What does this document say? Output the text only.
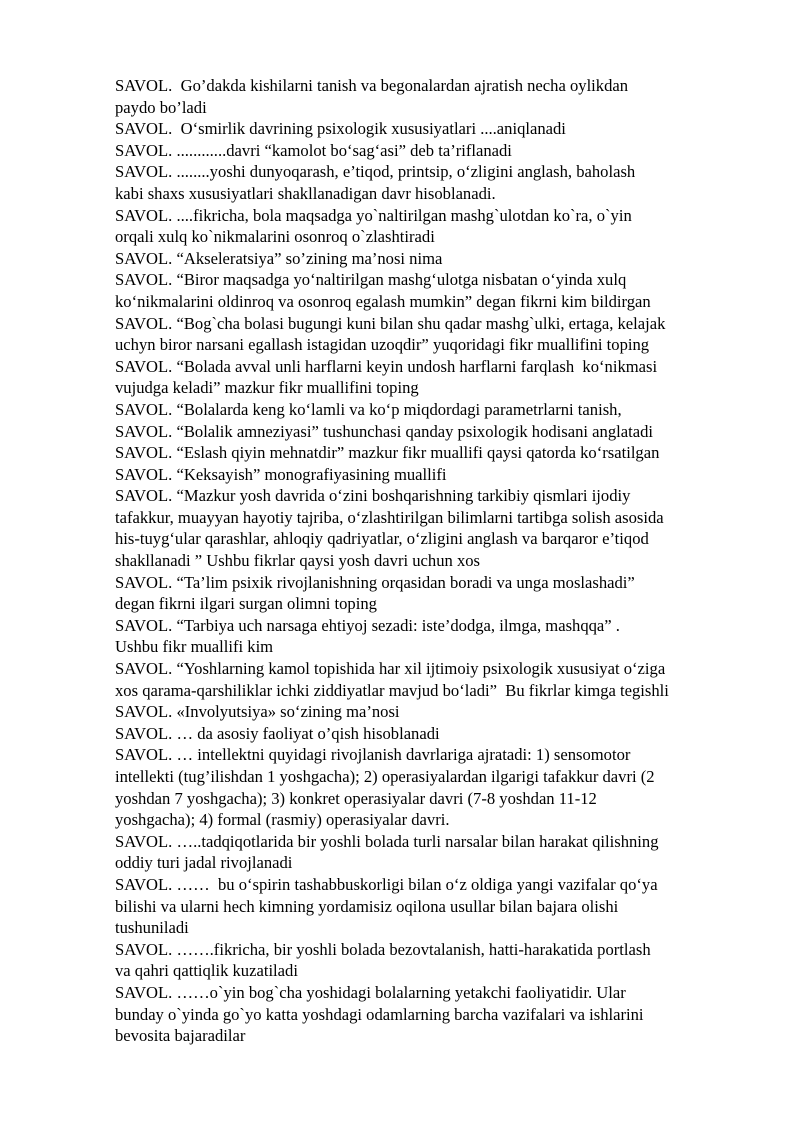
SAVOL.  Go’dakda kishilarni tanish va begonalardan ajratish necha oylikdan
paydo bo’ladi
SAVOL.  O‘smirlik davrining psixologik xususiyatlari ....aniqlanadi
SAVOL. ............davri “kamolot bo‘sag‘asi” deb ta’riflanadi
SAVOL. ........yoshi dunyoqarash, e’tiqod, printsip, o‘zligini anglash, baholash
kabi shaxs xususiyatlari shakllanadigan davr hisoblanadi.
SAVOL. ....fikricha, bola maqsadga yo`naltirilgan mashg`ulotdan ko`ra, o`yin
orqali xulq ko`nikmalarini osonroq o`zlashtiradi
SAVOL. “Akseleratsiya” so’zining ma’nosi nima
SAVOL. “Biror maqsadga yo‘naltirilgan mashg‘ulotga nisbatan o‘yinda xulq
ko‘nikmalarini oldinroq va osonroq egalash mumkin” degan fikrni kim bildirgan
SAVOL. “Bog`cha bolasi bugungi kuni bilan shu qadar mashg`ulki, ertaga, kelajak
uchyn biror narsani egallash istagidan uzoqdir” yuqoridagi fikr muallifini toping
SAVOL. “Bolada avval unli harflarni keyin undosh harflarni farqlash  ko‘nikmasi
vujudga keladi” mazkur fikr muallifini toping
SAVOL. “Bolalarda keng ko‘lamli va ko‘p miqdordagi parametrlarni tanish,
SAVOL. “Bolalik amneziyasi” tushunchasi qanday psixologik hodisani anglatadi
SAVOL. “Eslash qiyin mehnatdir” mazkur fikr muallifi qaysi qatorda ko‘rsatilgan
SAVOL. “Keksayish” monografiyasining muallifi
SAVOL. “Mazkur yosh davrida o‘zini boshqarishning tarkibiy qismlari ijodiy
tafakkur, muayyan hayotiy tajriba, o‘zlashtirilgan bilimlarni tartibga solish asosida
his-tuyg‘ular qarashlar, ahloqiy qadriyatlar, o‘zligini anglash va barqaror e’tiqod
shakllanadi ” Ushbu fikrlar qaysi yosh davri uchun xos
SAVOL. “Ta’lim psixik rivojlanishning orqasidan boradi va unga moslashadi”
degan fikrni ilgari surgan olimni toping
SAVOL. “Tarbiya uch narsaga ehtiyoj sezadi: iste’dodga, ilmga, mashqqa” .
Ushbu fikr muallifi kim
SAVOL. “Yoshlarning kamol topishida har xil ijtimoiy psixologik xususiyat o‘ziga
xos qarama-qarshiliklar ichki ziddiyatlar mavjud bo‘ladi”  Bu fikrlar kimga tegishli
SAVOL. «Involyutsiya» so‘zining ma’nosi
SAVOL. … da asosiy faoliyat o’qish hisoblanadi
SAVOL. … intellektni quyidagi rivojlanish davrlariga ajratadi: 1) sensomotor
intellekti (tug’ilishdan 1 yoshgacha); 2) operasiyalardan ilgarigi tafakkur davri (2
yoshdan 7 yoshgacha); 3) konkret operasiyalar davri (7-8 yoshdan 11-12
yoshgacha); 4) formal (rasmiy) operasiyalar davri.
SAVOL. …..tadqiqotlarida bir yoshli bolada turli narsalar bilan harakat qilishning
oddiy turi jadal rivojlanadi
SAVOL. ……  bu o‘spirin tashabbuskorligi bilan o‘z oldiga yangi vazifalar qo‘ya
bilishi va ularni hech kimning yordamisiz oqilona usullar bilan bajara olishi
tushuniladi
SAVOL. …….fikricha, bir yoshli bolada bezovtalanish, hatti-harakatida portlash
va qahri qattiqlik kuzatiladi
SAVOL. ……o`yin bog`cha yoshidagi bolalarning yetakchi faoliyatidir. Ular
bunday o`yinda go`yo katta yoshdagi odamlarning barcha vazifalari va ishlarini
bevosita bajaradilar
